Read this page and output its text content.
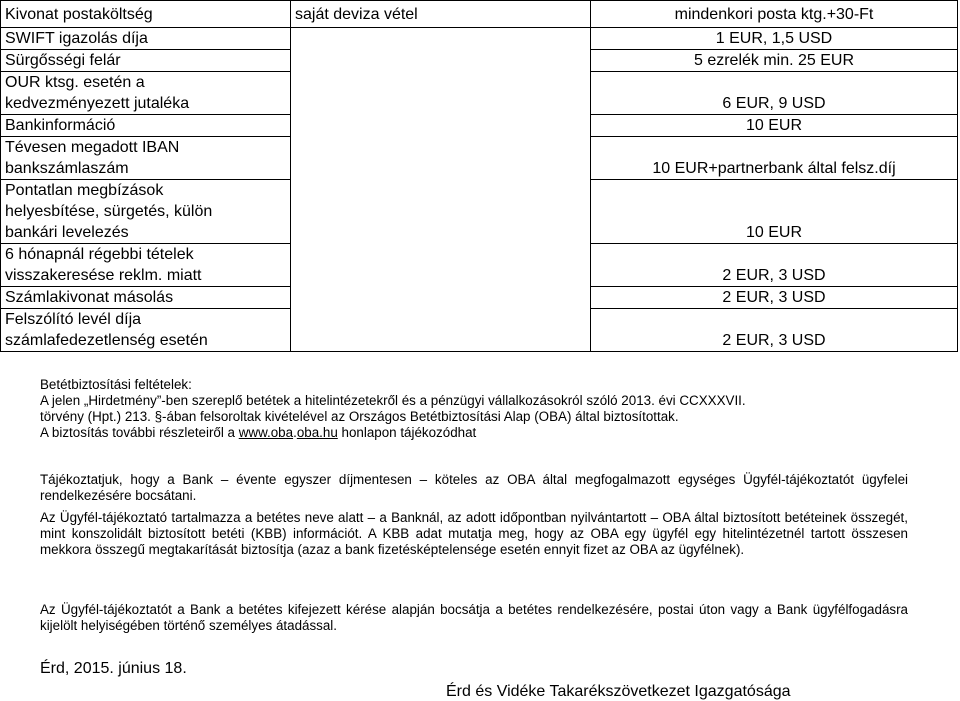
Kivonat postaköltség	saját deviza vétel	mindenkori posta ktg.+30-Ft

SWIFT igazolás díja		1 EUR, 1,5 USD

Sürgősségi felár		5 ezrelék min. 25 EUR

OUR ktsg. esetén a
kedvezményezett jutaléka		6 EUR, 9 USD

Bankinformáció		10 EUR

Tévesen megadott IBAN
bankszámlaszám		10 EUR+partnerbank által felsz.díj

Pontatlan megbízások
helyesbítése, sürgetés, külön
bankári levelezés		10 EUR

6 hónapnál régebbi tételek
visszakeresése reklm. miatt		2 EUR, 3 USD

Számlakivonat másolás		2 EUR, 3 USD

Felszólító levél díja
számlafedezetlenség esetén		2 EUR, 3 USD

Betétbiztosítási feltételek:

A jelen „Hirdetmény”-ben szereplő betétek a hitelintézetekről és a pénzügyi vállalkozásokról szóló 2013. évi CCXXXVII.

törvény (Hpt.) 213. §-ában felsoroltak kivételével az Országos Betétbiztosítási Alap (OBA) által biztosítottak.

A biztosítás további részleteiről a www.oba.oba.hu honlapon tájékozódhat

Tájékoztatjuk, hogy a Bank – évente egyszer díjmentesen – köteles az OBA által megfogalmazott egységes Ügyfél-tájékoztatót ügyfelei rendelkezésére bocsátani.
Az Ügyfél-tájékoztató tartalmazza a betétes neve alatt – a Banknál, az adott időpontban nyilvántartott – OBA által biztosított betéteinek összegét, mint konszolidált biztosított betéti (KBB) információt. A KBB adat mutatja meg, hogy az OBA egy ügyfél egy hitelintézetnél tartott összesen mekkora összegű megtakarítását biztosítja (azaz a bank fizetésképtelensége esetén ennyit fizet az OBA az ügyfélnek).
Az Ügyfél-tájékoztatót a Bank a betétes kifejezett kérése alapján bocsátja a betétes rendelkezésére, postai úton vagy a Bank ügyfélfogadásra kijelölt helyiségében történő személyes átadással.
Érd, 2015. június 18.
Érd és Vidéke Takarékszövetkezet Igazgatósága
